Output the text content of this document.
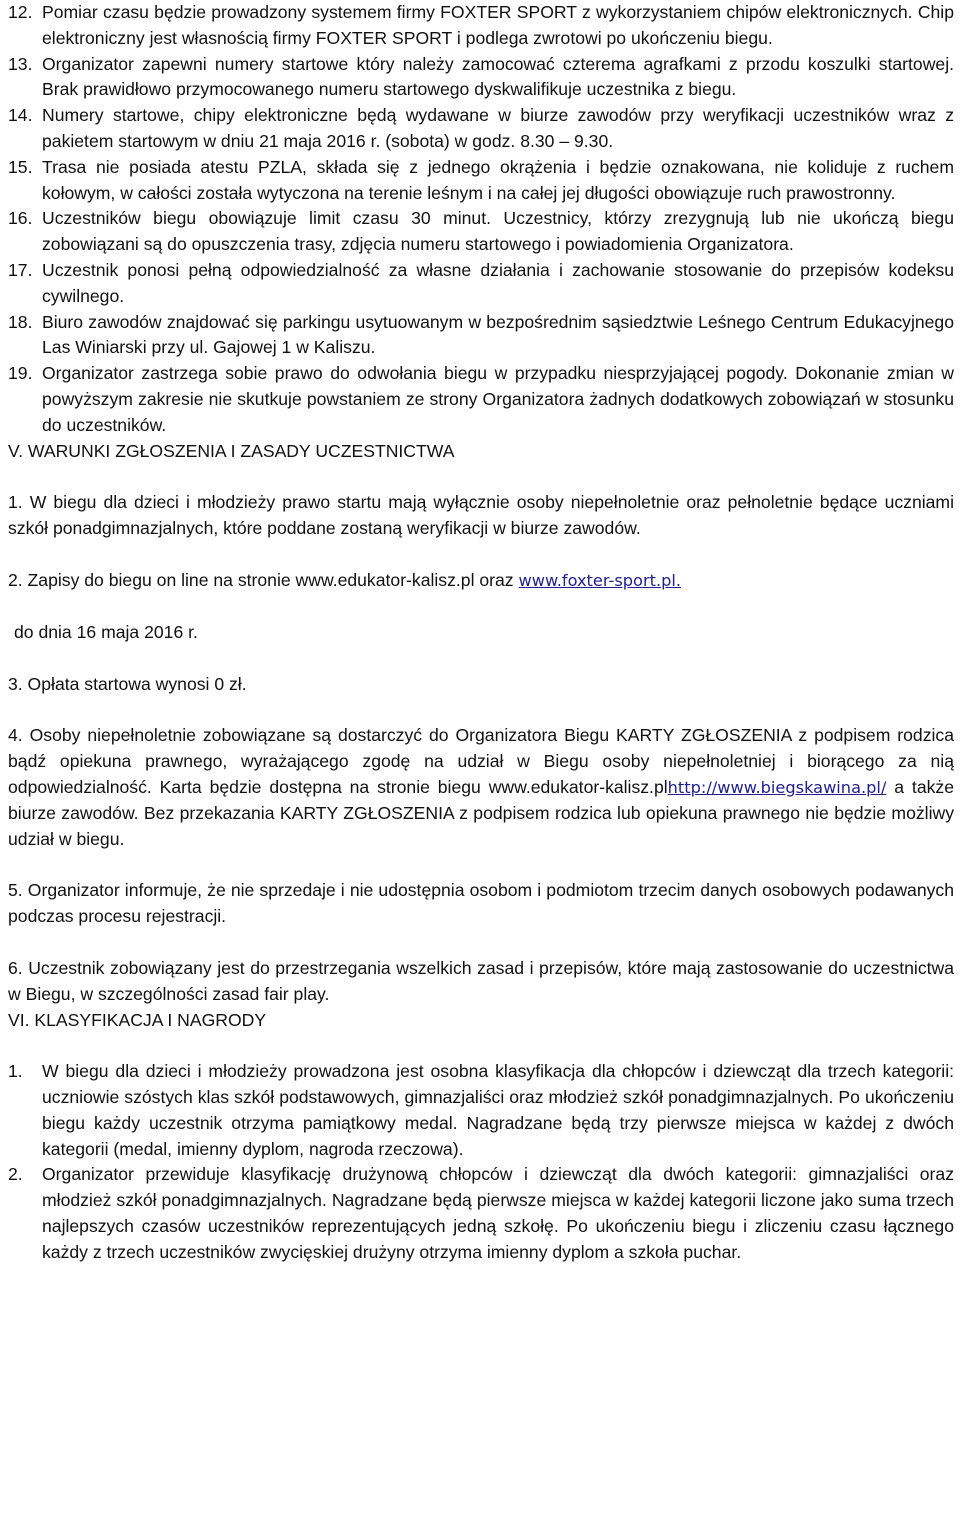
12. Pomiar czasu będzie prowadzony systemem firmy FOXTER SPORT z wykorzystaniem chipów elektronicznych. Chip elektroniczny jest własnością firmy FOXTER SPORT i podlega zwrotowi po ukończeniu biegu.
13. Organizator zapewni numery startowe który należy zamocować czterema agrafkami z przodu koszulki startowej. Brak prawidłowo przymocowanego numeru startowego dyskwalifikuje uczestnika z biegu.
14. Numery startowe, chipy elektroniczne będą wydawane w biurze zawodów przy weryfikacji uczestników wraz z pakietem startowym w dniu 21 maja 2016 r. (sobota) w godz. 8.30 – 9.30.
15. Trasa nie posiada atestu PZLA, składa się z jednego okrążenia i będzie oznakowana, nie koliduje z ruchem kołowym, w całości została wytyczona na terenie leśnym i na całej jej długości obowiązuje ruch prawostronny.
16. Uczestników biegu obowiązuje limit czasu 30 minut. Uczestnicy, którzy zrezygnują lub nie ukończą biegu zobowiązani są do opuszczenia trasy, zdjęcia numeru startowego i powiadomienia Organizatora.
17. Uczestnik ponosi pełną odpowiedzialność za własne działania i zachowanie stosowanie do przepisów kodeksu cywilnego.
18. Biuro zawodów znajdować się parkingu usytuowanym w bezpośrednim sąsiedztwie Leśnego Centrum Edukacyjnego Las Winiarski przy ul. Gajowej 1 w Kaliszu.
19. Organizator zastrzega sobie prawo do odwołania biegu w przypadku niesprzyjającej pogody. Dokonanie zmian w powyższym zakresie nie skutkuje powstaniem ze strony Organizatora żadnych dodatkowych zobowiązań w stosunku do uczestników.

V. WARUNKI ZGŁOSZENIA I ZASADY UCZESTNICTWA

1. W biegu dla dzieci i młodzieży prawo startu mają wyłącznie osoby niepełnoletnie oraz pełnoletnie będące uczniami szkół ponadgimnazjalnych, które poddane zostaną weryfikacji w biurze zawodów.

2. Zapisy do biegu on line na stronie www.edukator-kalisz.pl oraz www.foxter-sport.pl.

do dnia 16 maja 2016 r.

3. Opłata startowa wynosi 0 zł.

4. Osoby niepełnoletnie zobowiązane są dostarczyć do Organizatora Biegu KARTY ZGŁOSZENIA z podpisem rodzica bądź opiekuna prawnego, wyrażającego zgodę na udział w Biegu osoby niepełnoletniej i biorącego za nią odpowiedzialność. Karta będzie dostępna na stronie biegu www.edukator-kalisz.plhttp://www.biegskawina.pl/ a także biurze zawodów. Bez przekazania KARTY ZGŁOSZENIA z podpisem rodzica lub opiekuna prawnego nie będzie możliwy udział w biegu.

5. Organizator informuje, że nie sprzedaje i nie udostępnia osobom i podmiotom trzecim danych osobowych podawanych podczas procesu rejestracji.

6. Uczestnik zobowiązany jest do przestrzegania wszelkich zasad i przepisów, które mają zastosowanie do uczestnictwa w Biegu, w szczególności zasad fair play.

VI. KLASYFIKACJA I NAGRODY

1. W biegu dla dzieci i młodzieży prowadzona jest osobna klasyfikacja dla chłopców i dziewcząt dla trzech kategorii: uczniowie szóstych klas szkół podstawowych, gimnazjaliści oraz młodzież szkół ponadgimnazjalnych. Po ukończeniu biegu każdy uczestnik otrzyma pamiątkowy medal. Nagradzane będą trzy pierwsze miejsca w każdej z dwóch kategorii (medal, imienny dyplom, nagroda rzeczowa).
2. Organizator przewiduje klasyfikację drużynową chłopców i dziewcząt dla dwóch kategorii: gimnazjaliści oraz młodzież szkół ponadgimnazjalnych. Nagradzane będą pierwsze miejsca w każdej kategorii liczone jako suma trzech najlepszych czasów uczestników reprezentujących jedną szkołę. Po ukończeniu biegu i zliczeniu czasu łącznego każdy z trzech uczestników zwycięskiej drużyny otrzyma imienny dyplom a szkoła puchar.
